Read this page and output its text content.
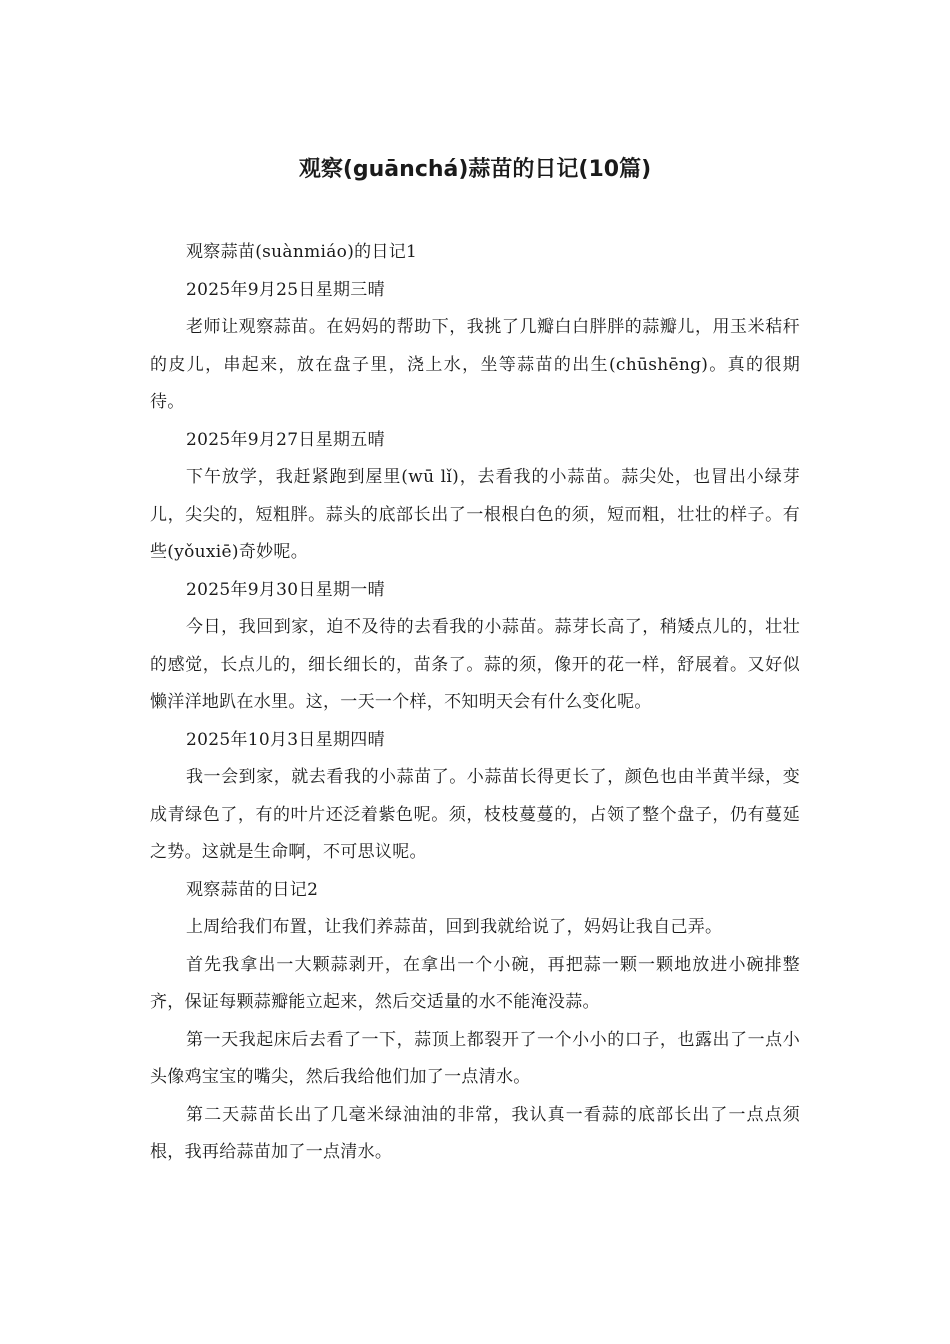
观察(guānchá)蒜苗的日记(10篇)

观察蒜苗(suànmiáo)的日记1

2025年9月25日星期三晴

老师让观察蒜苗。在妈妈的帮助下，我挑了几瓣白白胖胖的蒜瓣儿，用玉米秸秆的皮儿，串起来，放在盘子里，浇上水，坐等蒜苗的出生(chūshēng)。真的很期待。

2025年9月27日星期五晴

下午放学，我赶紧跑到屋里(wū lǐ)，去看我的小蒜苗。蒜尖处，也冒出小绿芽儿，尖尖的，短粗胖。蒜头的底部长出了一根根白色的须，短而粗，壮壮的样子。有些(yǒuxiē)奇妙呢。

2025年9月30日星期一晴

今日，我回到家，迫不及待的去看我的小蒜苗。蒜芽长高了，稍矮点儿的，壮壮的感觉，长点儿的，细长细长的，苗条了。蒜的须，像开的花一样，舒展着。又好似懒洋洋地趴在水里。这，一天一个样，不知明天会有什么变化呢。

2025年10月3日星期四晴

我一会到家，就去看我的小蒜苗了。小蒜苗长得更长了，颜色也由半黄半绿，变成青绿色了，有的叶片还泛着紫色呢。须，枝枝蔓蔓的，占领了整个盘子，仍有蔓延之势。这就是生命啊，不可思议呢。

观察蒜苗的日记2

上周给我们布置，让我们养蒜苗，回到我就给说了，妈妈让我自己弄。

首先我拿出一大颗蒜剥开，在拿出一个小碗，再把蒜一颗一颗地放进小碗排整齐，保证每颗蒜瓣能立起来，然后交适量的水不能淹没蒜。

第一天我起床后去看了一下，蒜顶上都裂开了一个小小的口子，也露出了一点小头像鸡宝宝的嘴尖，然后我给他们加了一点清水。

第二天蒜苗长出了几毫米绿油油的非常，我认真一看蒜的底部长出了一点点须根，我再给蒜苗加了一点清水。
